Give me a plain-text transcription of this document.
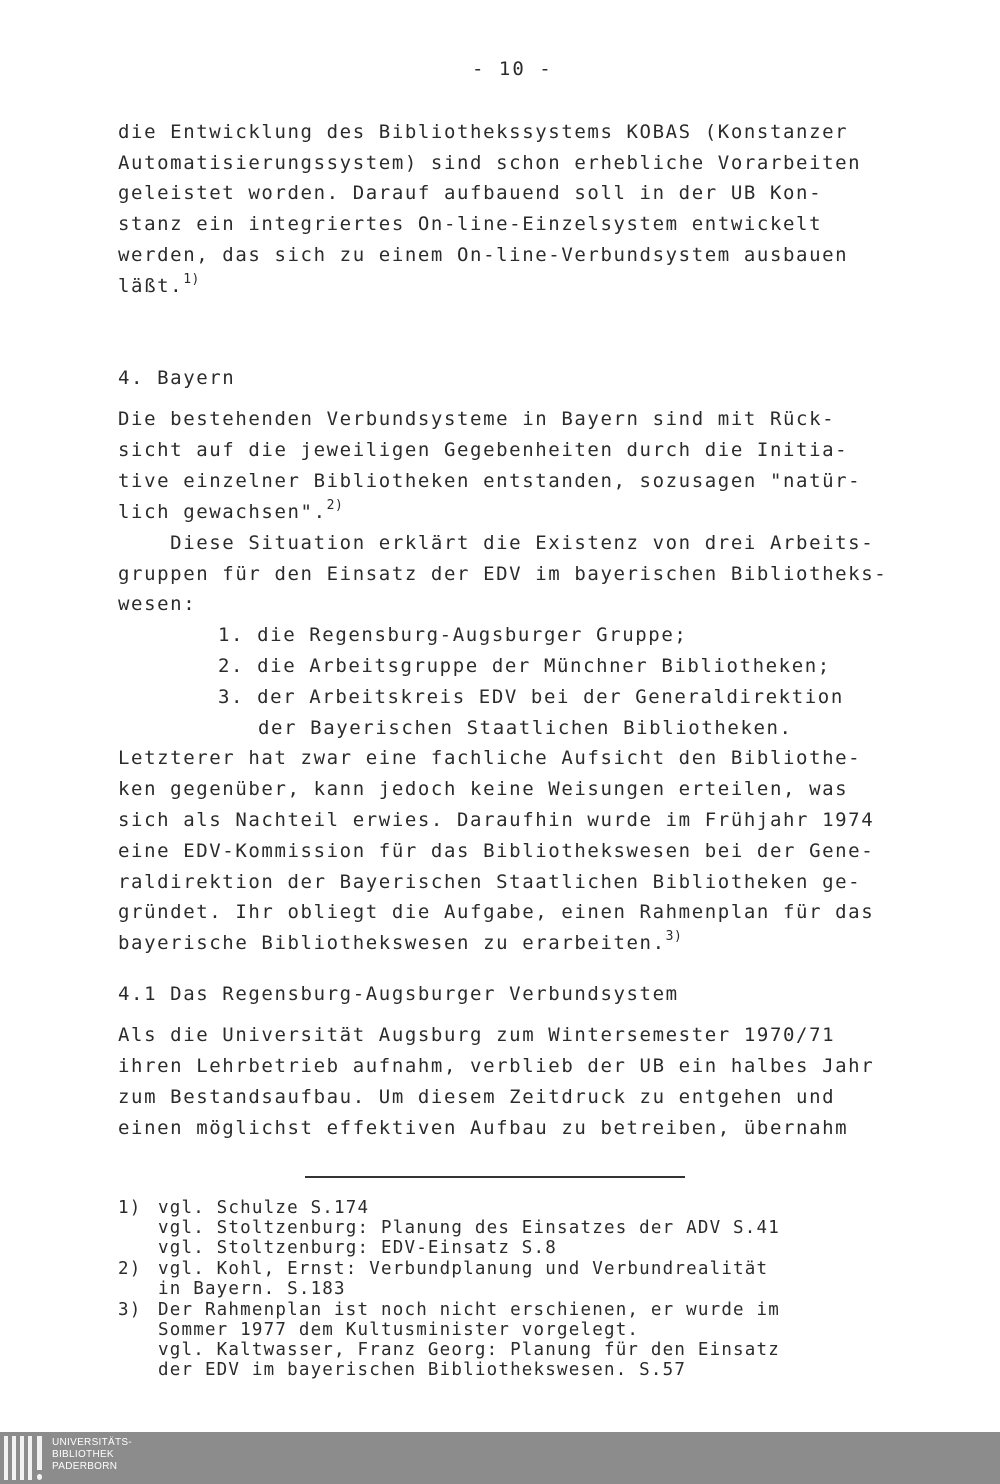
- 10 -
die Entwicklung des Bibliothekssystems KOBAS (Konstanzer
Automatisierungssystem) sind schon erhebliche Vorarbeiten
geleistet worden. Darauf aufbauend soll in der UB Kon-
stanz ein integriertes On-line-Einzelsystem entwickelt
werden, das sich zu einem On-line-Verbundsystem ausbauen
läßt.$^{1)}$
4. Bayern
Die bestehenden Verbundsysteme in Bayern sind mit Rück-
sicht auf die jeweiligen Gegebenheiten durch die Initia-
tive einzelner Bibliotheken entstanden, sozusagen "natür-
lich gewachsen".$^{2)}$
Diese Situation erklärt die Existenz von drei Arbeits-
gruppen für den Einsatz der EDV im bayerischen Bibliotheks-
wesen:
1. die Regensburg-Augsburger Gruppe;
2. die Arbeitsgruppe der Münchner Bibliotheken;
3. der Arbeitskreis EDV bei der Generaldirektion
der Bayerischen Staatlichen Bibliotheken.
Letzterer hat zwar eine fachliche Aufsicht den Bibliothe-
ken gegenüber, kann jedoch keine Weisungen erteilen, was
sich als Nachteil erwies. Daraufhin wurde im Frühjahr 1974
eine EDV-Kommission für das Bibliothekswesen bei der Gene-
raldirektion der Bayerischen Staatlichen Bibliotheken ge-
gründet. Ihr obliegt die Aufgabe, einen Rahmenplan für das
bayerische Bibliothekswesen zu erarbeiten.$^{3)}$
4.1 Das Regensburg-Augsburger Verbundsystem
Als die Universität Augsburg zum Wintersemester 1970/71
ihren Lehrbetrieb aufnahm, verblieb der UB ein halbes Jahr
zum Bestandsaufbau. Um diesem Zeitdruck zu entgehen und
einen möglichst effektiven Aufbau zu betreiben, übernahm
1) vgl. Schulze S.174
vgl. Stoltzenburg: Planung des Einsatzes der ADV S.41
vgl. Stoltzenburg: EDV-Einsatz S.8
2) vgl. Kohl, Ernst: Verbundplanung und Verbundrealität
in Bayern. S.183
3) Der Rahmenplan ist noch nicht erschienen, er wurde im
Sommer 1977 dem Kultusminister vorgelegt.
vgl. Kaltwasser, Franz Georg: Planung für den Einsatz
der EDV im bayerischen Bibliothekswesen. S.57
UNIVERSITÄTS-
BIBLIOTHEK
PADERBORN
